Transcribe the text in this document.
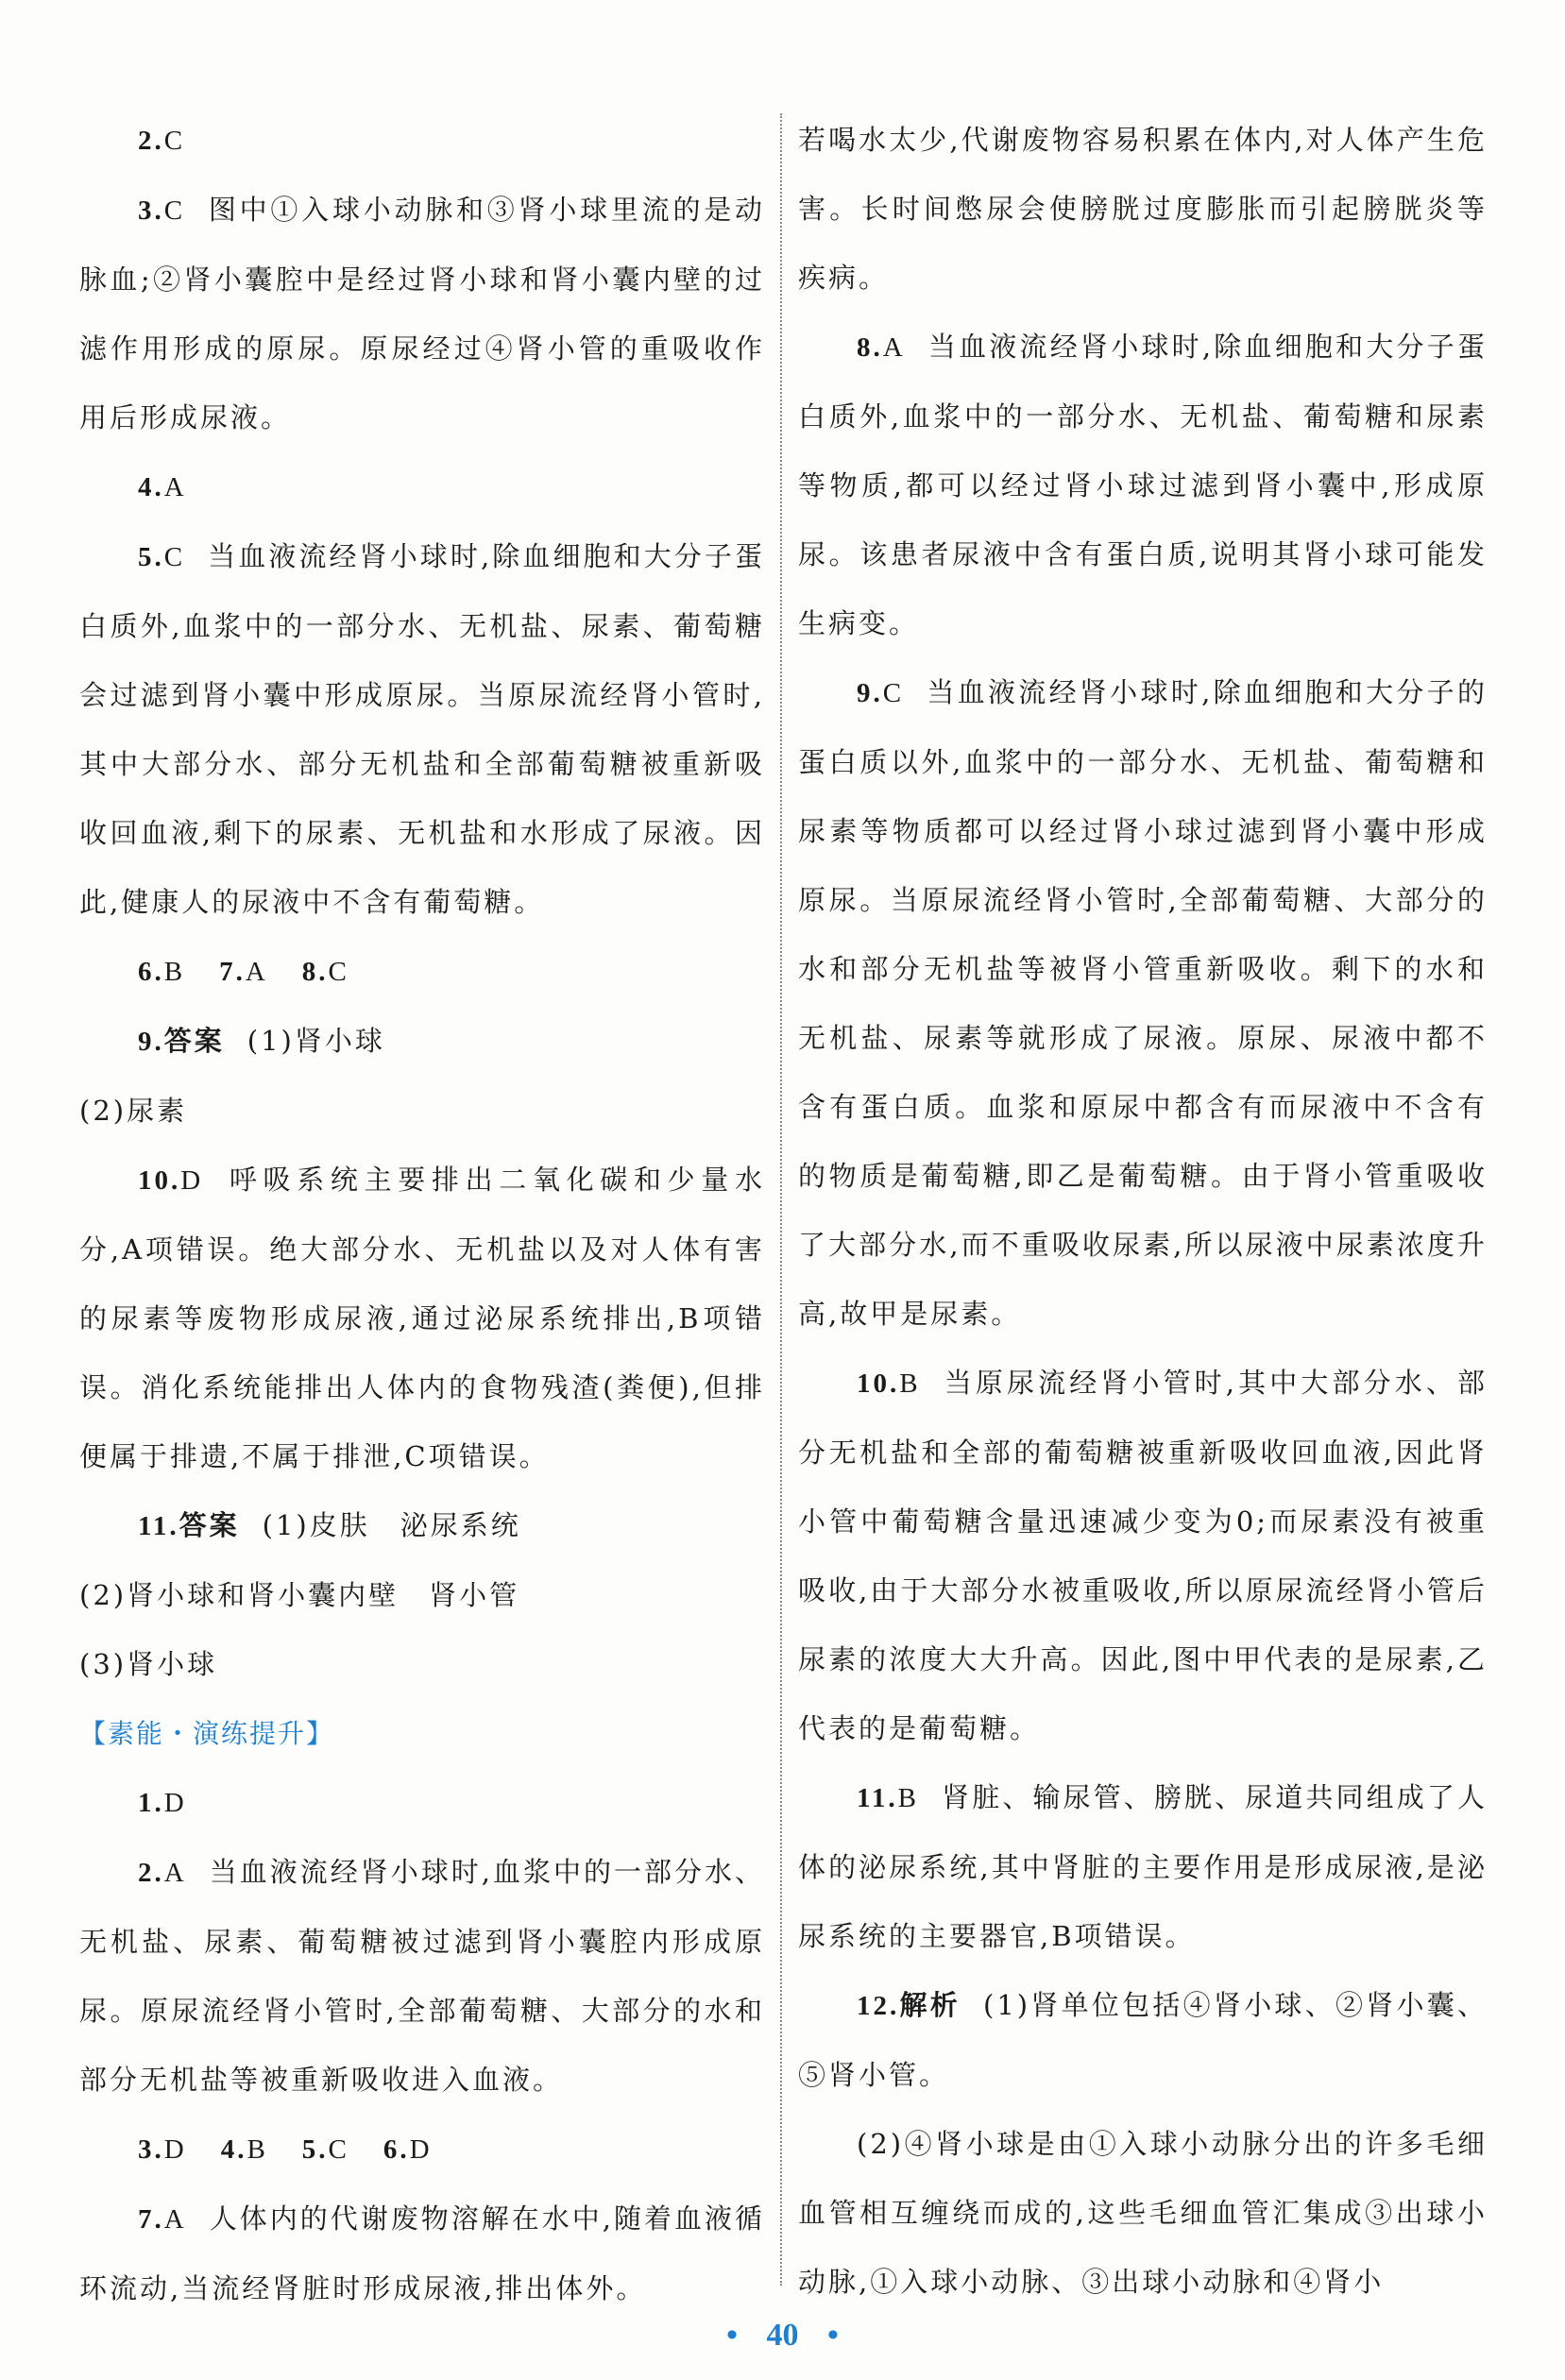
2.C

3.C 图中①入球小动脉和③肾小球里流的是动脉血;②肾小囊腔中是经过肾小球和肾小囊内壁的过滤作用形成的原尿。原尿经过④肾小管的重吸收作用后形成尿液。

4.A

5.C 当血液流经肾小球时,除血细胞和大分子蛋白质外,血浆中的一部分水、无机盐、尿素、葡萄糖会过滤到肾小囊中形成原尿。当原尿流经肾小管时,其中大部分水、部分无机盐和全部葡萄糖被重新吸收回血液,剩下的尿素、无机盐和水形成了尿液。因此,健康人的尿液中不含有葡萄糖。

6.B 7.A 8.C

9.答案 (1)肾小球

(2)尿素

10.D 呼吸系统主要排出二氧化碳和少量水分,A项错误。绝大部分水、无机盐以及对人体有害的尿素等废物形成尿液,通过泌尿系统排出,B项错误。消化系统能排出人体内的食物残渣(粪便),但排便属于排遗,不属于排泄,C项错误。

11.答案 (1)皮肤　泌尿系统

(2)肾小球和肾小囊内壁　肾小管

(3)肾小球

【素能・演练提升】

1.D

2.A 当血液流经肾小球时,血浆中的一部分水、无机盐、尿素、葡萄糖被过滤到肾小囊腔内形成原尿。原尿流经肾小管时,全部葡萄糖、大部分的水和部分无机盐等被重新吸收进入血液。

3.D 4.B 5.C 6.D

7.A 人体内的代谢废物溶解在水中,随着血液循环流动,当流经肾脏时形成尿液,排出体外。

若喝水太少,代谢废物容易积累在体内,对人体产生危害。长时间憋尿会使膀胱过度膨胀而引起膀胱炎等疾病。

8.A 当血液流经肾小球时,除血细胞和大分子蛋白质外,血浆中的一部分水、无机盐、葡萄糖和尿素等物质,都可以经过肾小球过滤到肾小囊中,形成原尿。该患者尿液中含有蛋白质,说明其肾小球可能发生病变。

9.C 当血液流经肾小球时,除血细胞和大分子的蛋白质以外,血浆中的一部分水、无机盐、葡萄糖和尿素等物质都可以经过肾小球过滤到肾小囊中形成原尿。当原尿流经肾小管时,全部葡萄糖、大部分的水和部分无机盐等被肾小管重新吸收。剩下的水和无机盐、尿素等就形成了尿液。原尿、尿液中都不含有蛋白质。血浆和原尿中都含有而尿液中不含有的物质是葡萄糖,即乙是葡萄糖。由于肾小管重吸收了大部分水,而不重吸收尿素,所以尿液中尿素浓度升高,故甲是尿素。

10.B 当原尿流经肾小管时,其中大部分水、部分无机盐和全部的葡萄糖被重新吸收回血液,因此肾小管中葡萄糖含量迅速减少变为0;而尿素没有被重吸收,由于大部分水被重吸收,所以原尿流经肾小管后尿素的浓度大大升高。因此,图中甲代表的是尿素,乙代表的是葡萄糖。

11.B 肾脏、输尿管、膀胱、尿道共同组成了人体的泌尿系统,其中肾脏的主要作用是形成尿液,是泌尿系统的主要器官,B项错误。

12.解析 (1)肾单位包括④肾小球、②肾小囊、⑤肾小管。

(2)④肾小球是由①入球小动脉分出的许多毛细血管相互缠绕而成的,这些毛细血管汇集成③出球小动脉,①入球小动脉、③出球小动脉和④肾小

• 40 •
